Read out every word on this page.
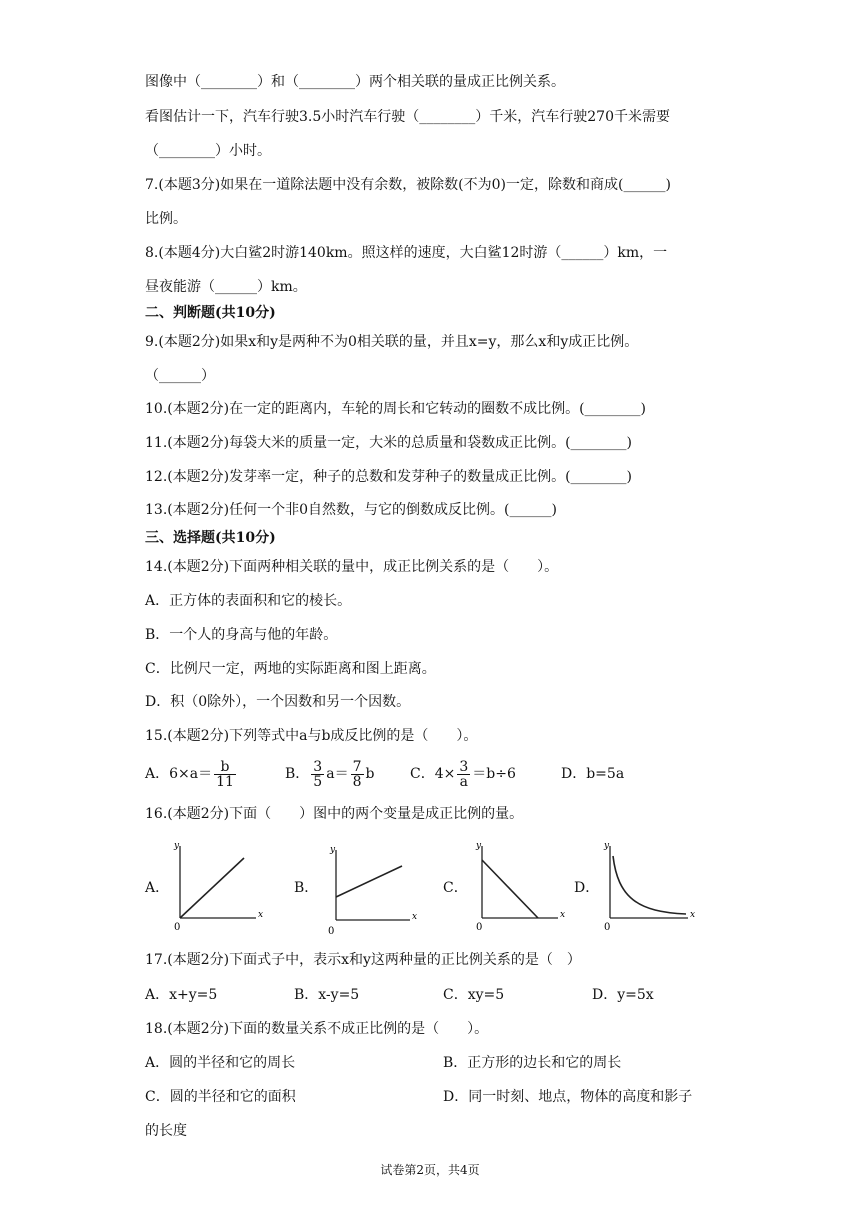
图像中（________）和（________）两个相关联的量成正比例关系。
看图估计一下，汽车行驶3.5小时汽车行驶（________）千米，汽车行驶270千米需要
（________）小时。
7.(本题3分)如果在一道除法题中没有余数，被除数(不为0)一定，除数和商成(______)
比例。
8.(本题4分)大白鲨2时游140km。照这样的速度，大白鲨12时游（______）km，一
昼夜能游（______）km。
二、判断题(共10分)
9.(本题2分)如果x和y是两种不为0相关联的量，并且x=y，那么x和y成正比例。
（______）
10.(本题2分)在一定的距离内，车轮的周长和它转动的圈数不成比例。(________)
11.(本题2分)每袋大米的质量一定，大米的总质量和袋数成正比例。(________)
12.(本题2分)发芽率一定，种子的总数和发芽种子的数量成正比例。(________)
13.(本题2分)任何一个非0自然数，与它的倒数成反比例。(______)
三、选择题(共10分)
14.(本题2分)下面两种相关联的量中，成正比例关系的是（　　）。
A．正方体的表面积和它的棱长。
B．一个人的身高与他的年龄。
C．比例尺一定，两地的实际距离和图上距离。
D．积（0除外），一个因数和另一个因数。
15.(本题2分)下列等式中a与b成反比例的是（　　）。
A．$6\times a= \frac{b}{11}$	B． $\frac{3}{5} a= \frac{7}{8}$ b	C．$4\times \frac{3}{a} =b\div 6$	D．b=5a
16.(本题2分)下面（　　）图中的两个变量是成正比例的量。
A．
y
x
0
B．
y
x
0
C．
y
x
0
D．
y
x
0
17.(本题2分)下面式子中，表示x和y这两种量的正比例关系的是（　）
A．x+y=5	B．x-y=5	C．xy=5	D．y=5x
18.(本题2分)下面的数量关系不成正比例的是（　　）。
A．圆的半径和它的周长	B．正方形的边长和它的周长
C．圆的半径和它的面积	D．同一时刻、地点，物体的高度和影子
的长度
试卷第2页，共4页
